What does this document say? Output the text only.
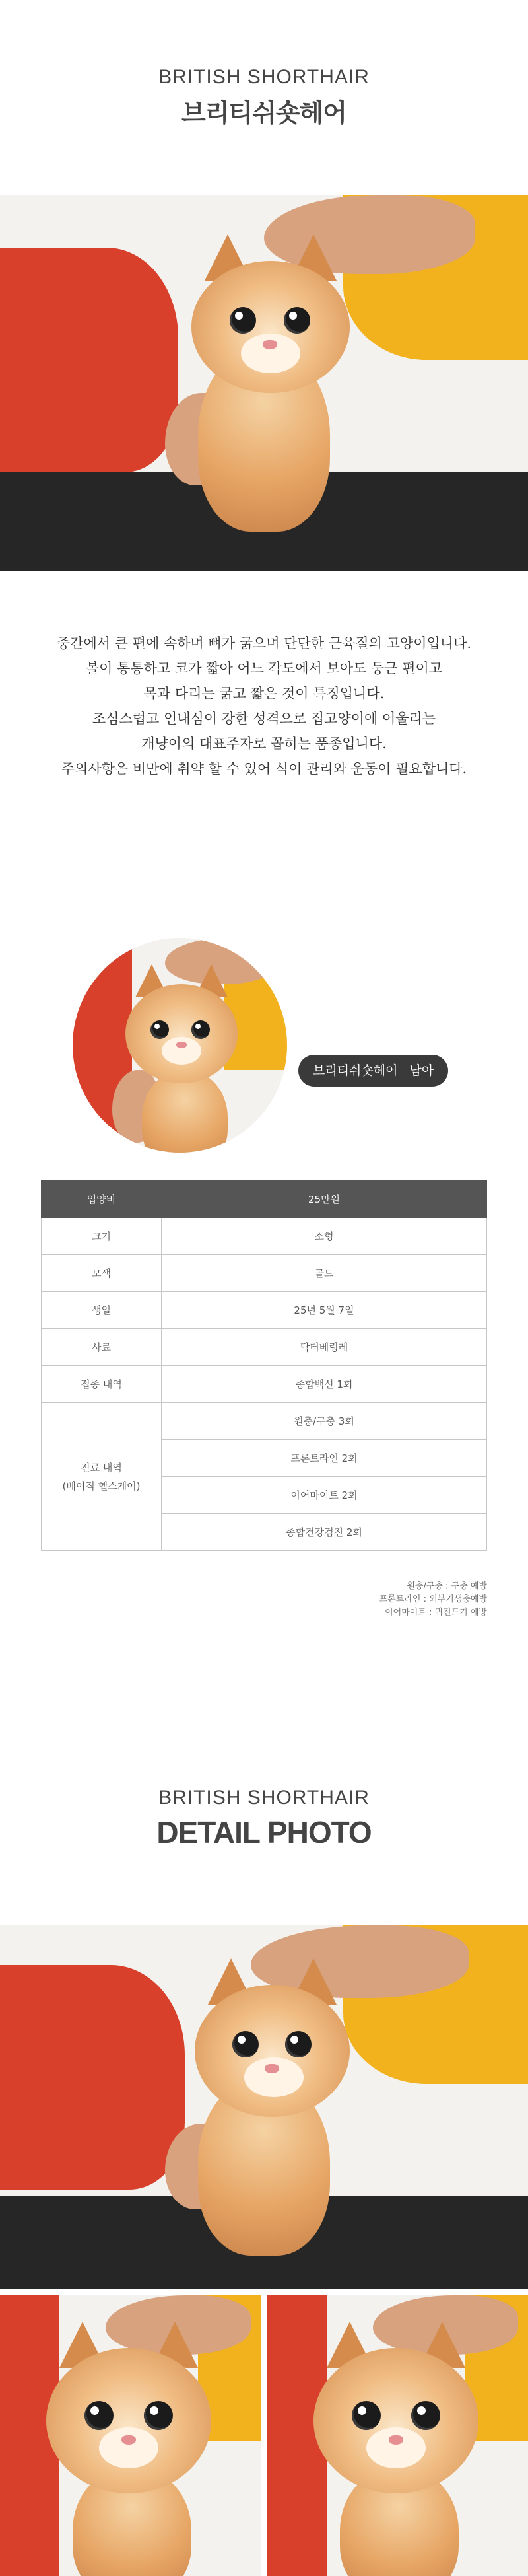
BRITISH SHORTHAIR
브리티쉬숏헤어

중간에서 큰 편에 속하며 뼈가 굵으며 단단한 근육질의 고양이입니다.

볼이 통통하고 코가 짧아 어느 각도에서 보아도 둥근 편이고

목과 다리는 굵고 짧은 것이 특징입니다.

조심스럽고 인내심이 강한 성격으로 집고양이에 어울리는

개냥이의 대표주자로 꼽히는 품종입니다.

주의사항은 비만에 취약 할 수 있어 식이 관리와 운동이 필요합니다.

브리티쉬숏헤어 남아
입양비	25만원
크기	소형
모색	골드
생일	25년 5월 7일
사료	닥터베링레
접종 내역	종합백신 1회

진료 내역
(베이직 헬스케어)	원충/구충 3회
	프론트라인 2회
	이어마이트 2회
	종합건강검진 2회
원충/구충 : 구충 예방
프론트라인 : 외부기생충예방
이어마이트 : 귀진드기 예방
BRITISH SHORTHAIR
DETAIL PHOTO
